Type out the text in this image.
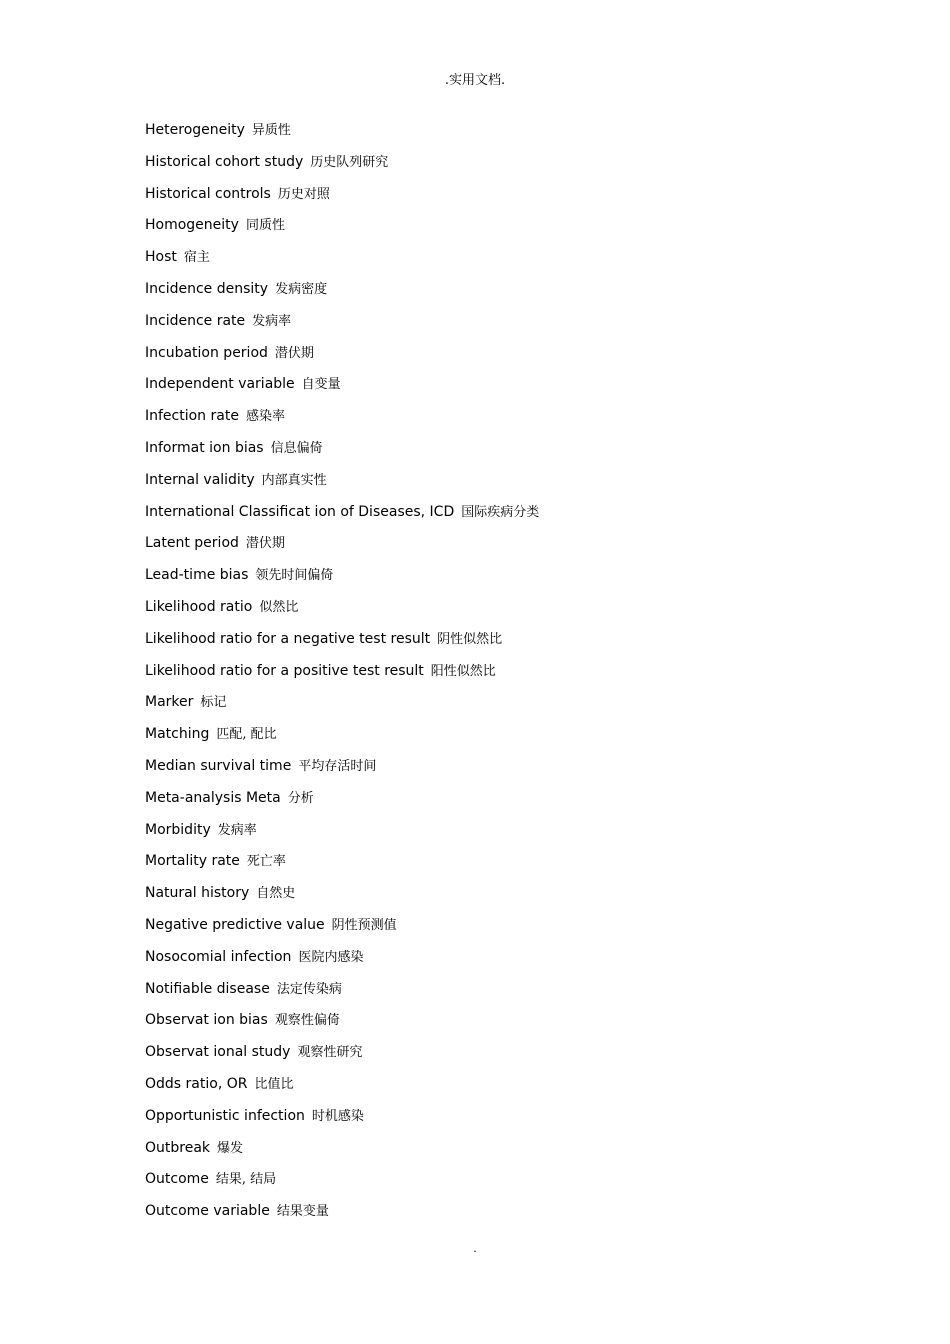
.实用文档.
Heterogeneity 异质性
Historical cohort study 历史队列研究
Historical controls 历史对照
Homogeneity 同质性
Host 宿主
Incidence density 发病密度
Incidence rate 发病率
Incubation period 潜伏期
Independent variable 自变量
Infection rate 感染率
Informat ion bias 信息偏倚
Internal validity 内部真实性
International Classificat ion of Diseases, ICD 国际疾病分类
Latent period 潜伏期
Lead-time bias 领先时间偏倚
Likelihood ratio 似然比
Likelihood ratio for a negative test result 阴性似然比
Likelihood ratio for a positive test result 阳性似然比
Marker 标记
Matching 匹配, 配比
Median survival time 平均存活时间
Meta-analysis Meta 分析
Morbidity 发病率
Mortality rate 死亡率
Natural history 自然史
Negative predictive value 阴性预测值
Nosocomial infection 医院内感染
Notifiable disease 法定传染病
Observat ion bias 观察性偏倚
Observat ional study 观察性研究
Odds ratio, OR 比值比
Opportunistic infection 时机感染
Outbreak 爆发
Outcome 结果, 结局
Outcome variable 结果变量
.
